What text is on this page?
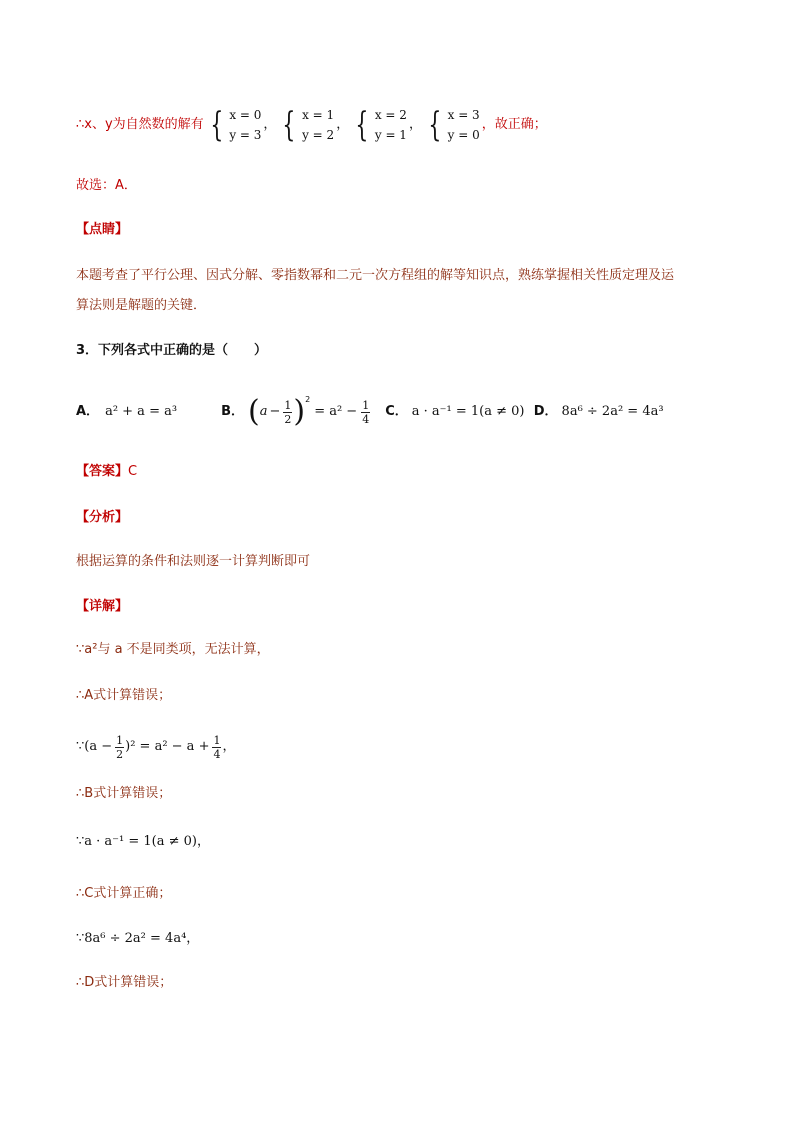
∴x、y为自然数的解有 { x = 0
y = 3
， { x = 1
y = 2
， { x = 2
y = 1
， { x = 3
y = 0
，故正确；
故选：A．
【点睛】
本题考查了平行公理、因式分解、零指数幂和二元一次方程组的解等知识点，熟练掌握相关性质定理及运
算法则是解题的关键．
3．下列各式中正确的是（　　）
A． a² + a = a³	B． ( $a - \frac{1}{2}$ ) 2
= $a^2 - \frac{1}{4}$ C． a · a⁻¹ = 1(a ≠ 0) D． 8a⁶ ÷ 2a² = 4a³
【答案】C
【分析】
根据运算的条件和法则逐一计算判断即可
【详解】
∵a²与 a 不是同类项，无法计算，
∴A式计算错误；
∵(a − $\frac{1}{2} )^2 = a^2 - a + \frac{1}{4}$ ，
∴B式计算错误；
∵a · a⁻¹ = 1(a ≠ 0)，
∴C式计算正确；
∵8a⁶ ÷ 2a² = 4a⁴，
∴D式计算错误；
